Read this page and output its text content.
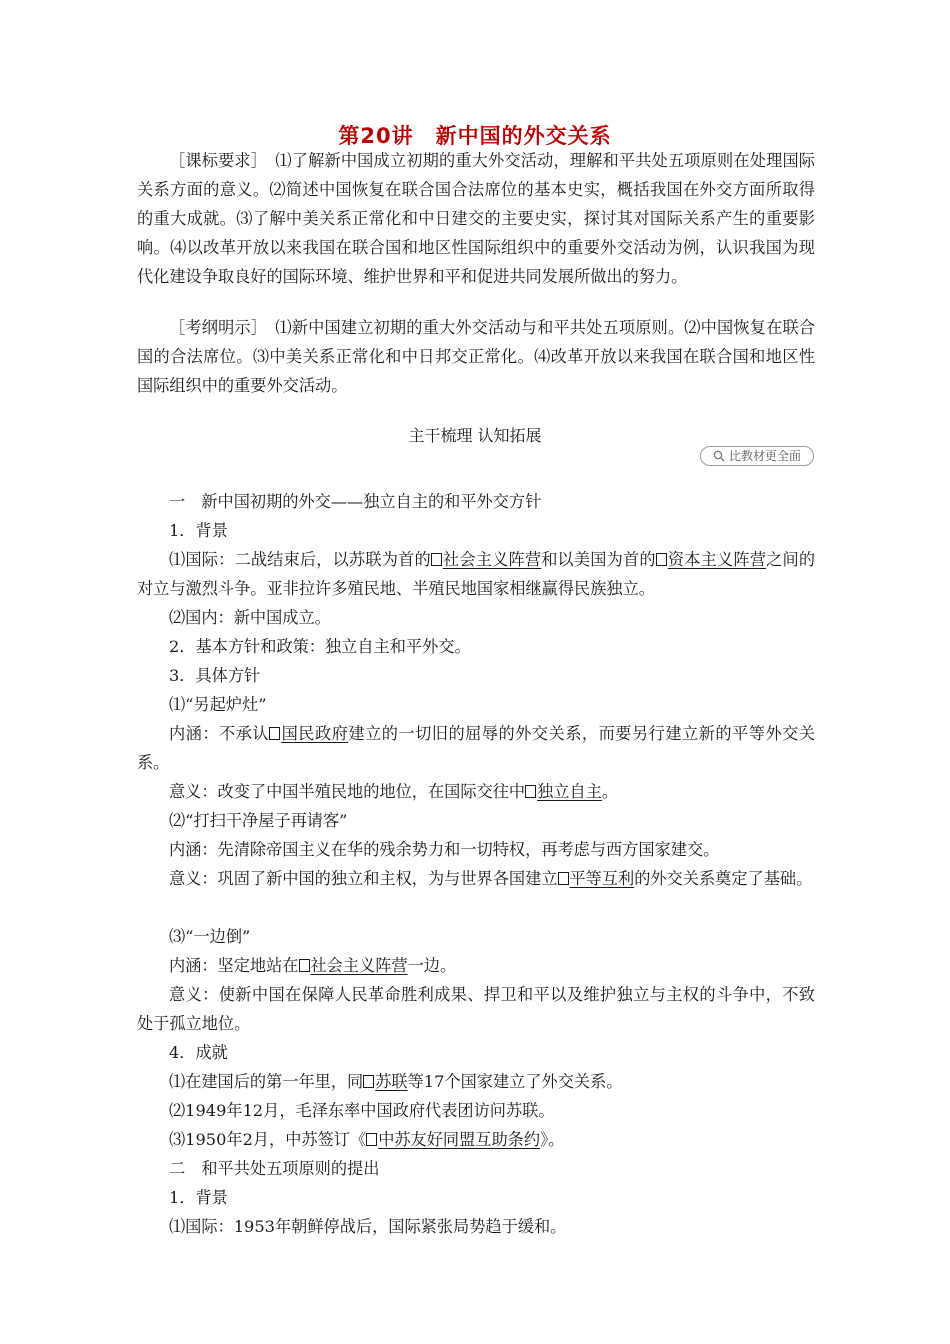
第20讲　新中国的外交关系
［课标要求］　⑴了解新中国成立初期的重大外交活动，理解和平共处五项原则在处理国际关系方面的意义。⑵简述中国恢复在联合国合法席位的基本史实，概括我国在外交方面所取得的重大成就。⑶了解中美关系正常化和中日建交的主要史实，探讨其对国际关系产生的重要影响。⑷以改革开放以来我国在联合国和地区性国际组织中的重要外交活动为例，认识我国为现代化建设争取良好的国际环境、维护世界和平和促进共同发展所做出的努力。
［考纲明示］　⑴新中国建立初期的重大外交活动与和平共处五项原则。⑵中国恢复在联合国的合法席位。⑶中美关系正常化和中日邦交正常化。⑷改革开放以来我国在联合国和地区性国际组织中的重要外交活动。
主干梳理 认知拓展
比教材更全面
一　新中国初期的外交——独立自主的和平外交方针
1．背景
⑴国际：二战结束后，以苏联为首的 社会主义阵营和以美国为首的 资本主义阵营之间的对立与激烈斗争。亚非拉许多殖民地、半殖民地国家相继赢得民族独立。
⑵国内：新中国成立。
2．基本方针和政策：独立自主和平外交。
3．具体方针
⑴“另起炉灶”
内涵：不承认 国民政府建立的一切旧的屈辱的外交关系，而要另行建立新的平等外交关系。
意义：改变了中国半殖民地的地位，在国际交往中 独立自主。
⑵“打扫干净屋子再请客”
内涵：先清除帝国主义在华的残余势力和一切特权，再考虑与西方国家建交。
意义：巩固了新中国的独立和主权，为与世界各国建立 平等互利的外交关系奠定了基础。
⑶“一边倒”
内涵：坚定地站在 社会主义阵营一边。
意义：使新中国在保障人民革命胜利成果、捍卫和平以及维护独立与主权的斗争中，不致处于孤立地位。
4．成就
⑴在建国后的第一年里，同 苏联等17个国家建立了外交关系。
⑵1949年12月，毛泽东率中国政府代表团访问苏联。
⑶1950年2月，中苏签订《 中苏友好同盟互助条约》。
二　和平共处五项原则的提出
1．背景
⑴国际：1953年朝鲜停战后，国际紧张局势趋于缓和。
